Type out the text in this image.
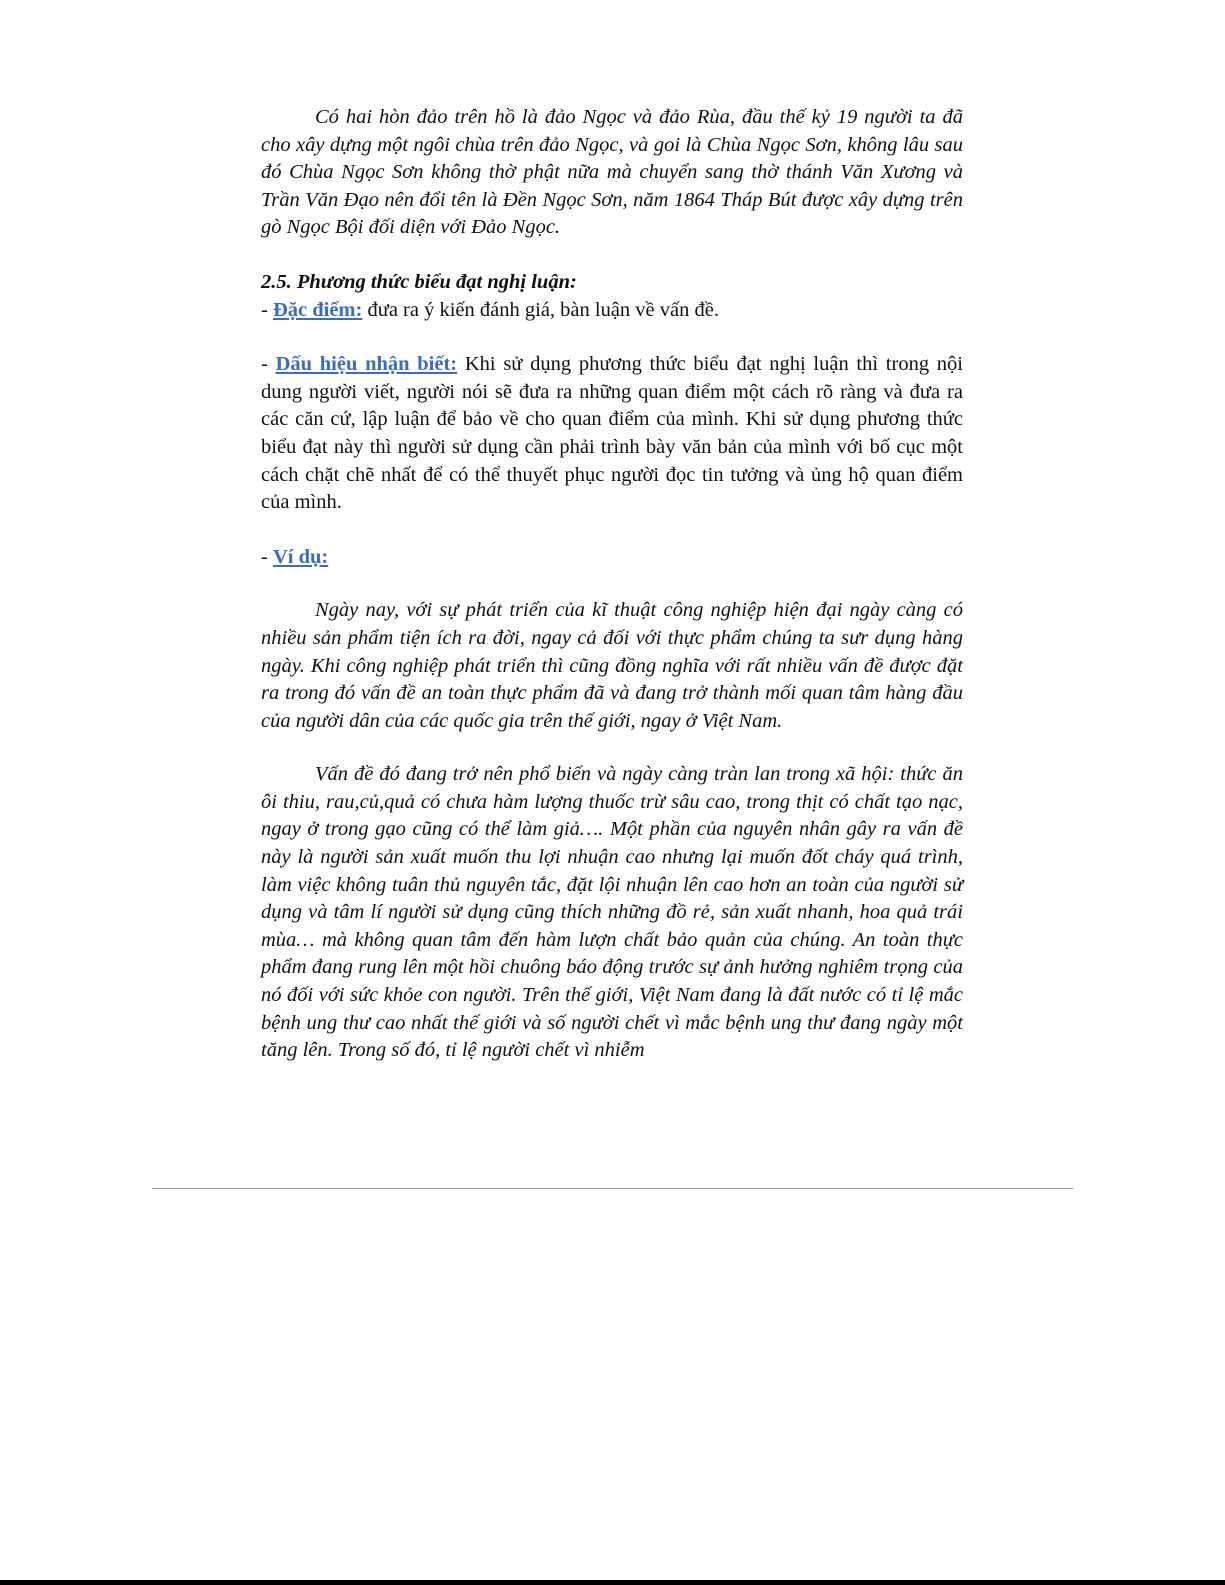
Có hai hòn đảo trên hồ là đảo Ngọc và đảo Rùa, đầu thế kỷ 19 người ta đã cho xây dựng một ngôi chùa trên đảo Ngọc, và goi là Chùa Ngọc Sơn, không lâu sau đó Chùa Ngọc Sơn không thờ phật nữa mà chuyển sang thờ thánh Văn Xương và Trần Văn Đạo nên đổi tên là Đền Ngọc Sơn, năm 1864 Tháp Bút được xây dựng trên gò Ngọc Bội đối diện với Đảo Ngọc.

2.5. Phương thức biểu đạt nghị luận:

- Đặc điểm: đưa ra ý kiến đánh giá, bàn luận về vấn đề.

- Dấu hiệu nhận biết: Khi sử dụng phương thức biểu đạt nghị luận thì trong nội dung người viết, người nói sẽ đưa ra những quan điểm một cách rõ ràng và đưa ra các căn cứ, lập luận để bảo về cho quan điểm của mình. Khi sử dụng phương thức biểu đạt này thì người sử dụng cần phải trình bày văn bản của mình với bố cục một cách chặt chẽ nhất để có thể thuyết phục người đọc tin tưởng và ủng hộ quan điểm của mình.

- Ví dụ:

Ngày nay, với sự phát triển của kĩ thuật công nghiệp hiện đại ngày càng có nhiều sản phẩm tiện ích ra đời, ngay cả đối với thực phẩm chúng ta sưr dụng hàng ngày. Khi công nghiệp phát triển thì cũng đồng nghĩa với rất nhiều vấn đề được đặt ra trong đó vấn đề an toàn thực phẩm đã và đang trở thành mối quan tâm hàng đầu của người dân của các quốc gia trên thế giới, ngay ở Việt Nam.

Vấn đề đó đang trở nên phổ biến và ngày càng tràn lan trong xã hội: thức ăn ôi thiu, rau,củ,quả có chưa hàm lượng thuốc trừ sâu cao, trong thịt có chất tạo nạc, ngay ở trong gạo cũng có thể làm giả…. Một phần của nguyên nhân gây ra vấn đề này là người sản xuất muốn thu lợi nhuận cao nhưng lại muốn đốt cháy quá trình, làm việc không tuân thủ nguyên tắc, đặt lội nhuận lên cao hơn an toàn của người sử dụng và tâm lí người sử dụng cũng thích những đồ rẻ, sản xuất nhanh, hoa quả trái mùa… mà không quan tâm đến hàm lượn chất bảo quản của chúng. An toàn thực phẩm đang rung lên một hồi chuông báo động trước sự ảnh hưởng nghiêm trọng của nó đối với sức khỏe con người. Trên thế giới, Việt Nam đang là đất nước có tỉ lệ mắc bệnh ung thư cao nhất thế giới và số người chết vì mắc bệnh ung thư đang ngày một tăng lên. Trong số đó, tỉ lệ người chết vì nhiễm
